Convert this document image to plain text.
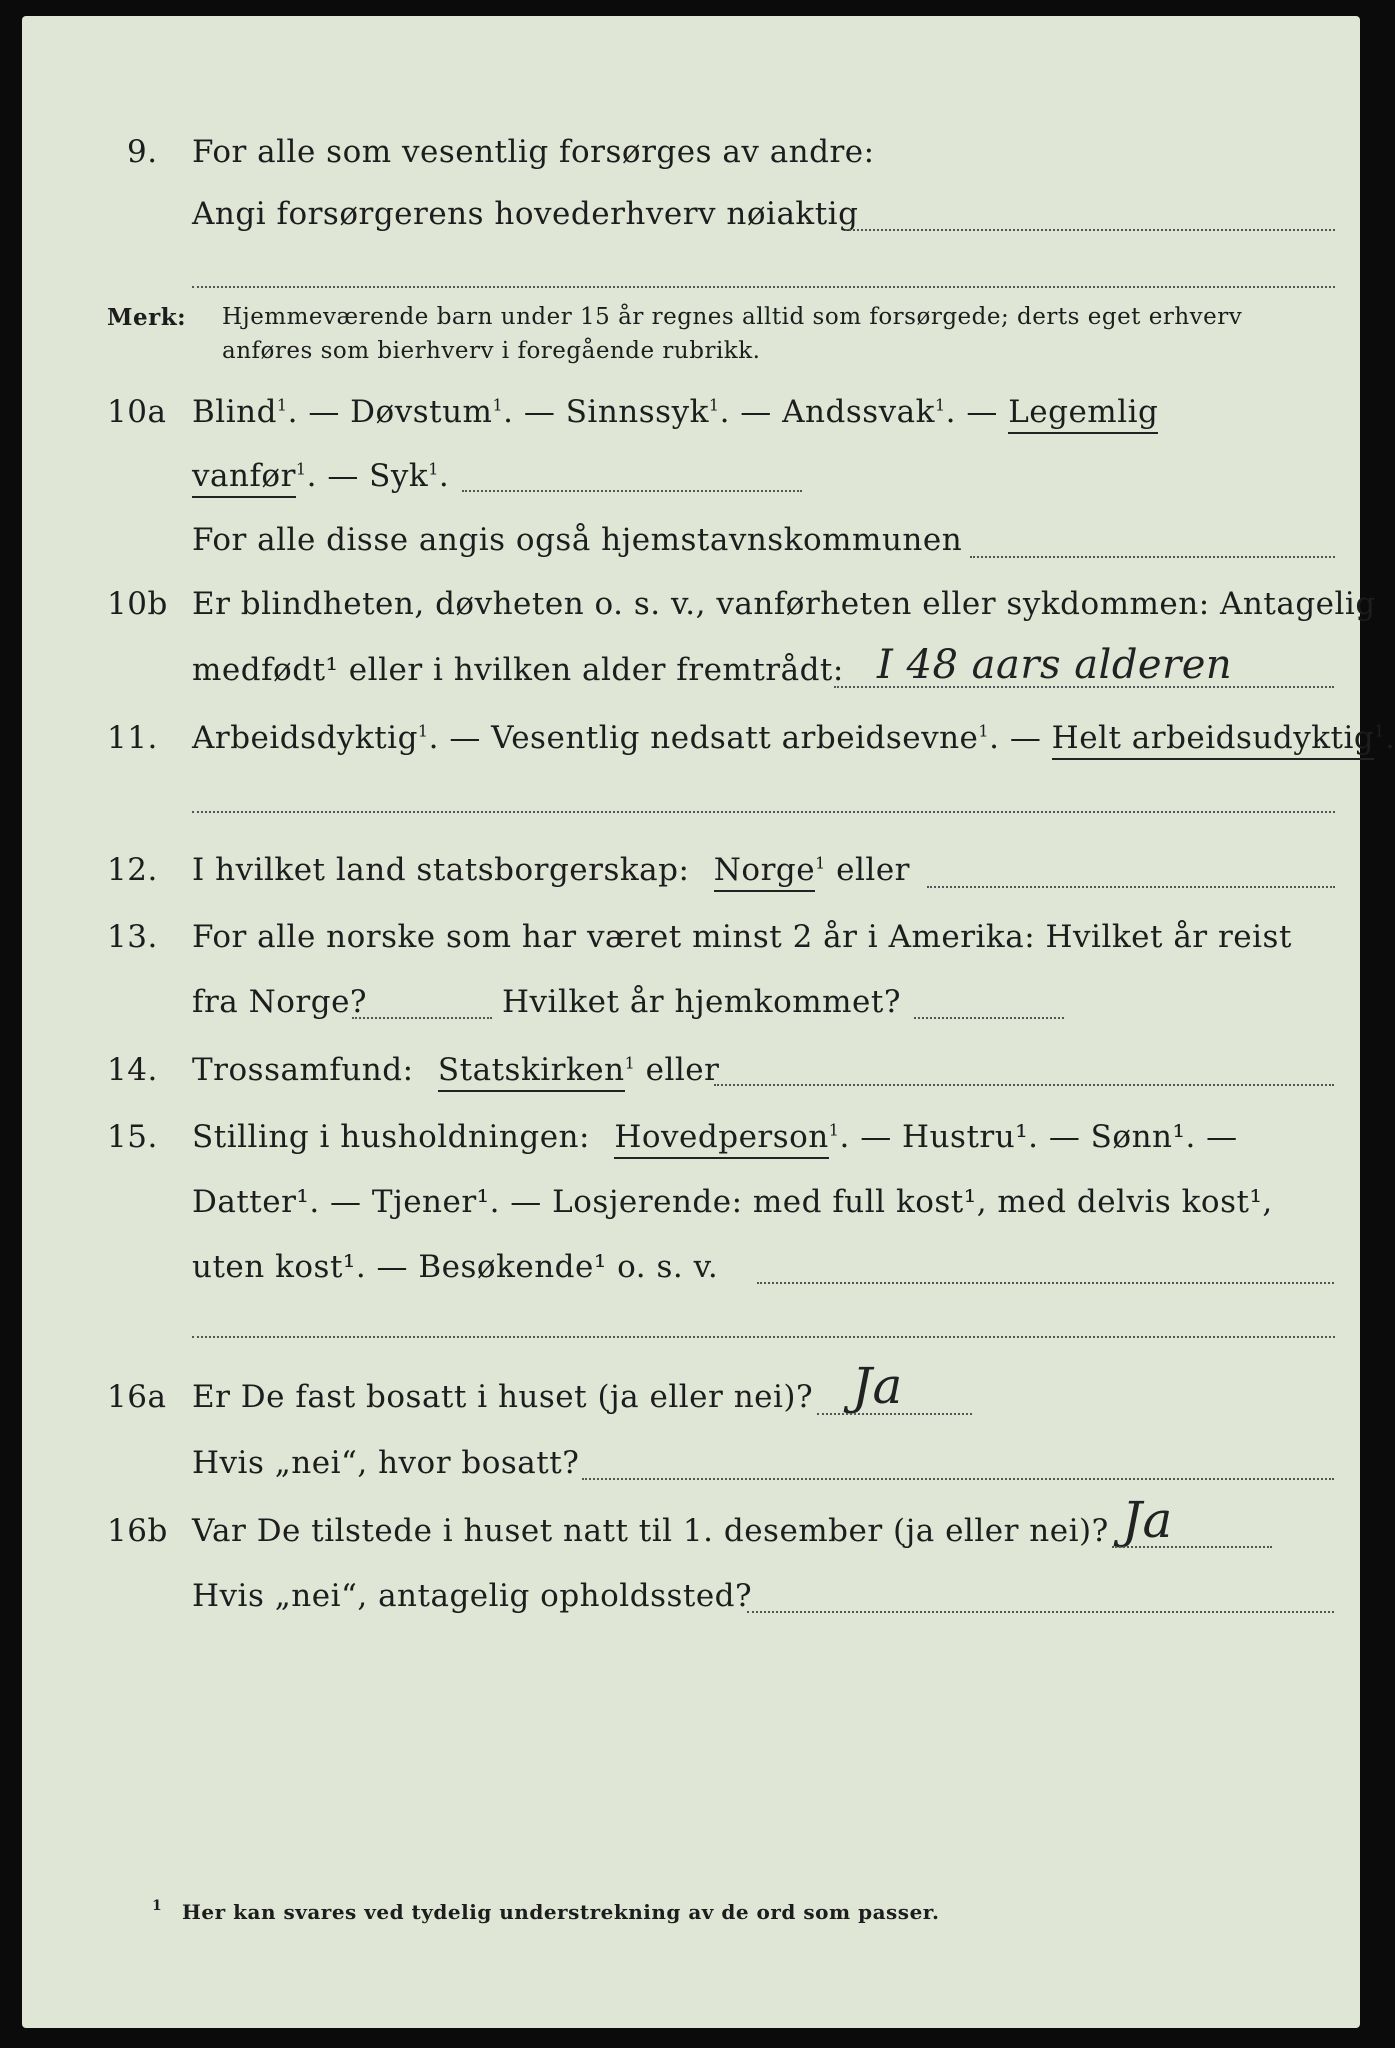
9.	For alle som vesentlig forsørges av andre:
Angi forsørgerens hovederhverv nøiaktig
Merk: Hjemmeværende barn under 15 år regnes alltid som forsørgede; derts eget erhverv
anføres som bierhverv i foregående rubrikk.
10a Blind$^1$. — Døvstum$^1$. — Sinnssyk$^1$. — Andssvak$^1$. — Legemlig
vanfør$^1$. — Syk$^1$.
For alle disse angis også hjemstavnskommunen
10b Er blindheten, døvheten o. s. v., vanførheten eller sykdommen: Antagelig
medfødt¹ eller i hvilken alder fremtrådt: I 48 aars alderen
11.	Arbeidsdyktig$^1$. — Vesentlig nedsatt arbeidsevne$^1$. — Helt arbeidsudyktig$^1$.
12.	I hvilket land statsborgerskap: Norge$^1$ eller
13.	For alle norske som har været minst 2 år i Amerika: Hvilket år reist
fra Norge?	Hvilket år hjemkommet?
14.	Trossamfund: Statskirken$^1$ eller
15.	Stilling i husholdningen: Hovedperson$^1$. — Hustru¹. — Sønn¹. —
Datter¹. — Tjener¹. — Losjerende: med full kost¹, med delvis kost¹,
uten kost¹. — Besøkende¹ o. s. v.
16a Er De fast bosatt i huset (ja eller nei)? Ja
Hvis „nei“, hvor bosatt?
16b Var De tilstede i huset natt til 1. desember (ja eller nei)? Ja
Hvis „nei“, antagelig opholdssted?
1 Her kan svares ved tydelig understrekning av de ord som passer.
